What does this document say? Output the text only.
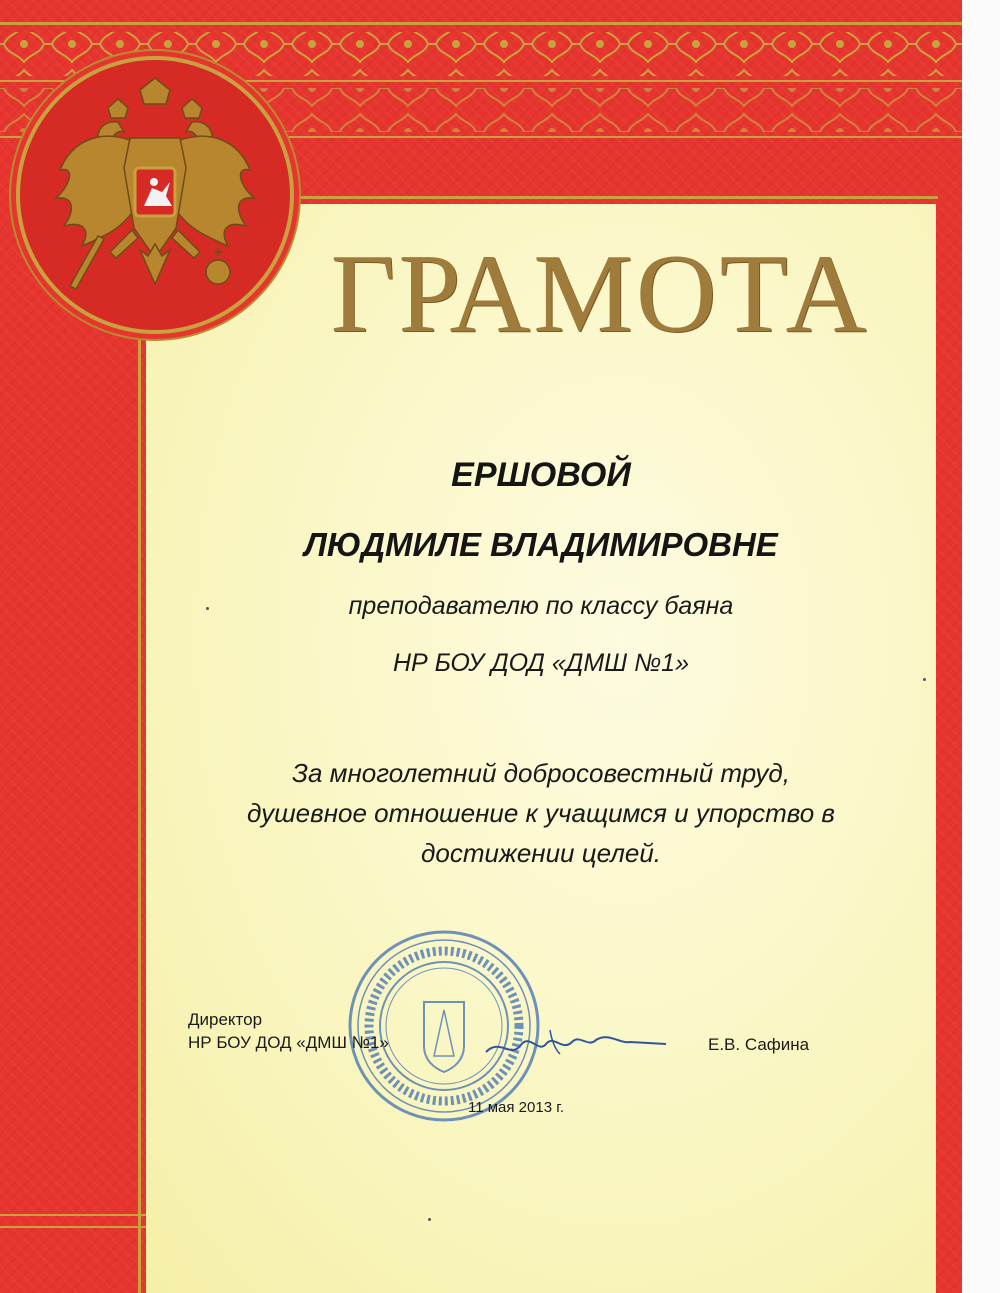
ГРАМОТА
ЕРШОВОЙ
ЛЮДМИЛЕ ВЛАДИМИРОВНЕ
преподавателю по классу баяна
НР БОУ ДОД «ДМШ №1»
За многолетний добросовестный труд,
душевное отношение к учащимся и упорство в
достижении целей.
Директор
НР БОУ ДОД «ДМШ №1»	Е.В. Сафина
11 мая 2013 г.
